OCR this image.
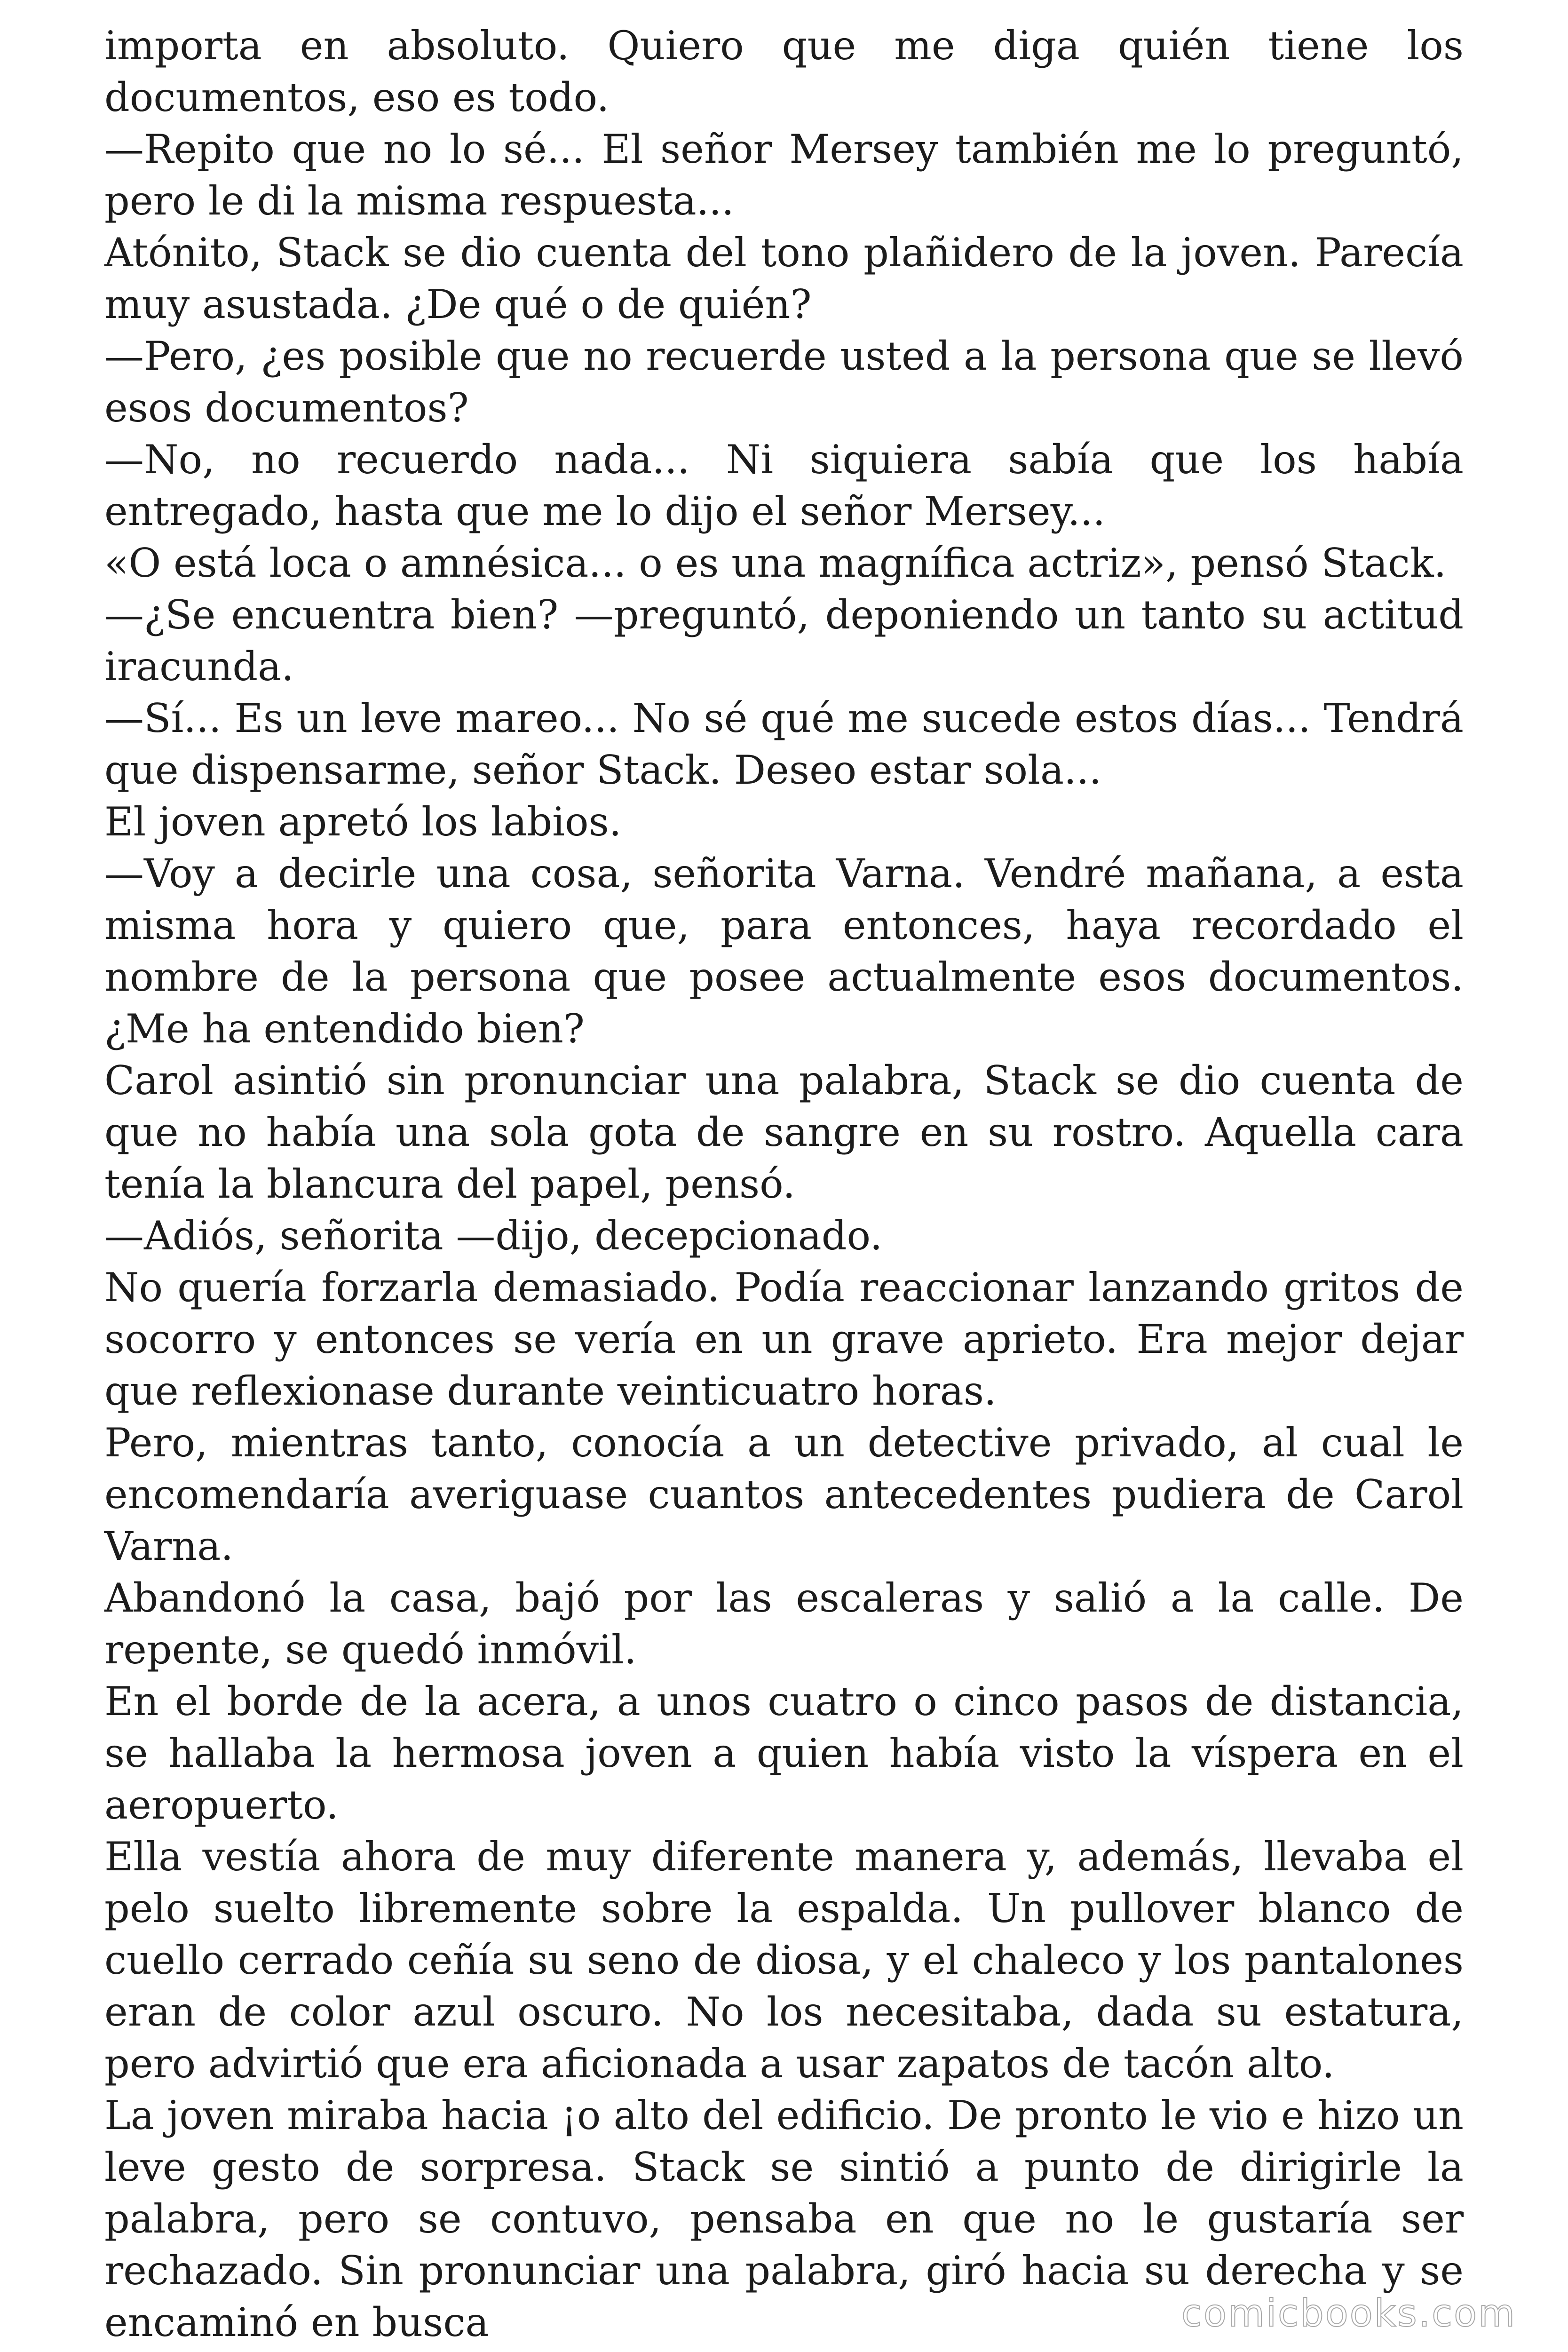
importa en absoluto. Quiero que me diga quién tiene los documentos, eso es todo.

—Repito que no lo sé... El señor Mersey también me lo preguntó, pero le di la misma respuesta...

Atónito, Stack se dio cuenta del tono plañidero de la joven. Parecía muy asustada. ¿De qué o de quién?

—Pero, ¿es posible que no recuerde usted a la persona que se llevó esos documentos?

—No, no recuerdo nada... Ni siquiera sabía que los había entregado, hasta que me lo dijo el señor Mersey...

«O está loca o amnésica... o es una magnífica actriz», pensó Stack.

—¿Se encuentra bien? —preguntó, deponiendo un tanto su actitud iracunda.

—Sí... Es un leve mareo... No sé qué me sucede estos días... Tendrá que dispensarme, señor Stack. Deseo estar sola...

El joven apretó los labios.

—Voy a decirle una cosa, señorita Varna. Vendré mañana, a esta misma hora y quiero que, para entonces, haya recordado el nombre de la persona que posee actualmente esos documentos. ¿Me ha entendido bien?

Carol asintió sin pronunciar una palabra, Stack se dio cuenta de que no había una sola gota de sangre en su rostro. Aquella cara tenía la blancura del papel, pensó.

—Adiós, señorita —dijo, decepcionado.

No quería forzarla demasiado. Podía reaccionar lanzando gritos de socorro y entonces se vería en un grave aprieto. Era mejor dejar que reflexionase durante veinticuatro horas.

Pero, mientras tanto, conocía a un detective privado, al cual le encomendaría averiguase cuantos antecedentes pudiera de Carol Varna.

Abandonó la casa, bajó por las escaleras y salió a la calle. De repente, se quedó inmóvil.

En el borde de la acera, a unos cuatro o cinco pasos de distancia, se hallaba la hermosa joven a quien había visto la víspera en el aeropuerto.

Ella vestía ahora de muy diferente manera y, además, llevaba el pelo suelto libremente sobre la espalda. Un pullover blanco de cuello cerrado ceñía su seno de diosa, y el chaleco y los pantalones eran de color azul oscuro. No los necesitaba, dada su estatura, pero advirtió que era aficionada a usar zapatos de tacón alto.

La joven miraba hacia ¡o alto del edificio. De pronto le vio e hizo un leve gesto de sorpresa. Stack se sintió a punto de dirigirle la palabra, pero se contuvo, pensaba en que no le gustaría ser rechazado. Sin pronunciar una palabra, giró hacia su derecha y se encaminó en busca	comicbooks.com
